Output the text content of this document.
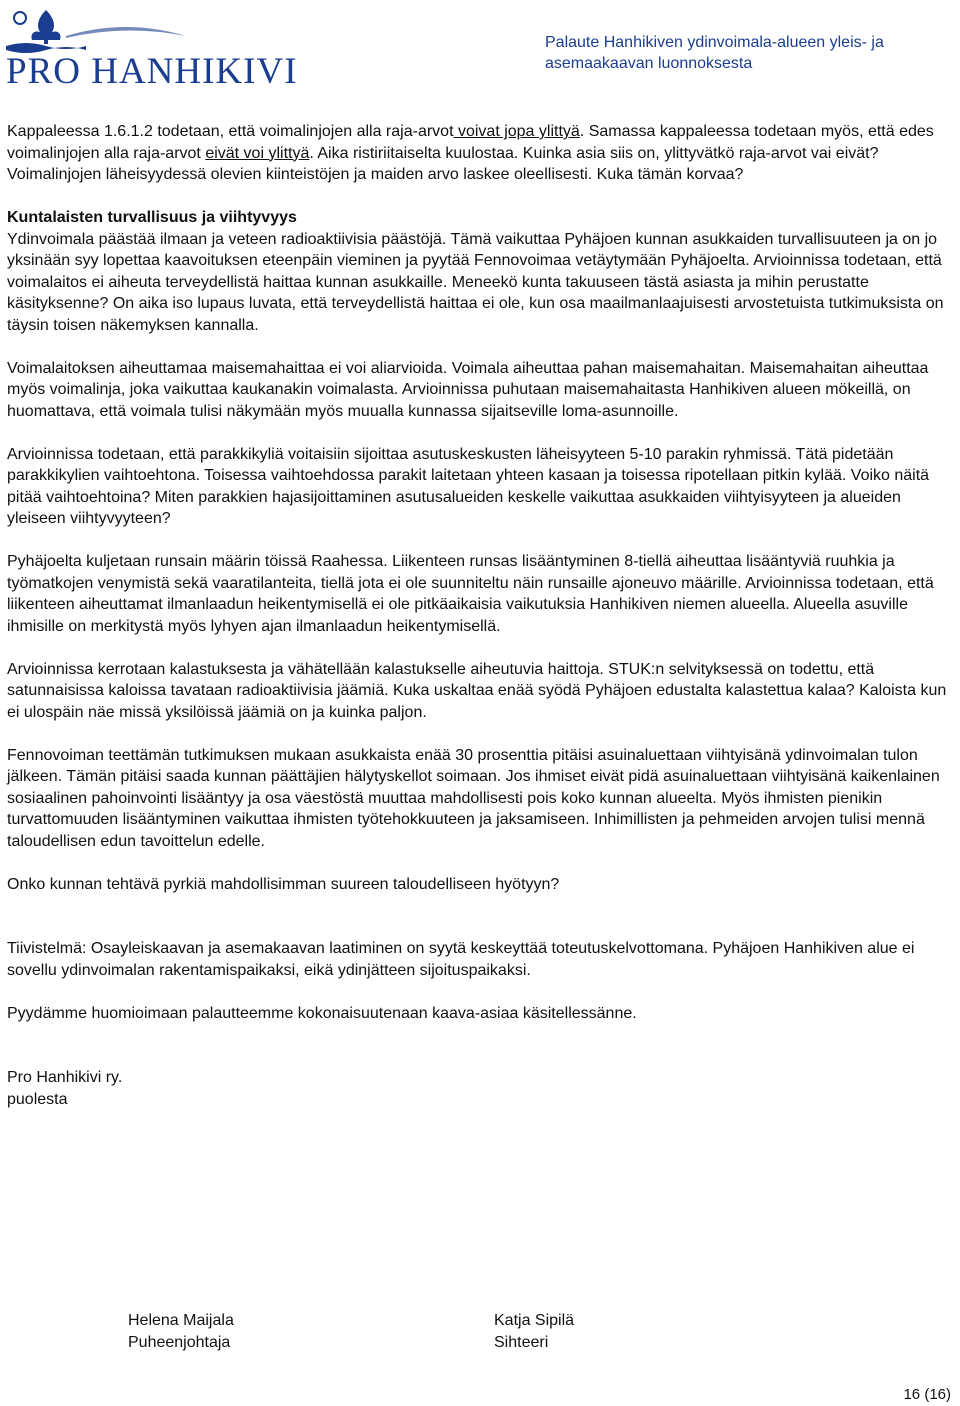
PRO HANHIKIVI
Palaute Hanhikiven ydinvoimala-alueen yleis- ja asemaakaavan luonnoksesta

Kappaleessa 1.6.1.2 todetaan, että voimalinjojen alla raja-arvot voivat jopa ylittyä. Samassa kappaleessa todetaan myös, että edes voimalinjojen alla raja-arvot eivät voi ylittyä. Aika ristiriitaiselta kuulostaa. Kuinka asia siis on, ylittyvätkö raja-arvot vai eivät? Voimalinjojen läheisyydessä olevien kiinteistöjen ja maiden arvo laskee oleellisesti. Kuka tämän korvaa?

Kuntalaisten turvallisuus ja viihtyvyys

Ydinvoimala päästää ilmaan ja veteen radioaktiivisia päästöjä. Tämä vaikuttaa Pyhäjoen kunnan asukkaiden turvallisuuteen ja on jo yksinään syy lopettaa kaavoituksen eteenpäin vieminen ja pyytää Fennovoimaa vetäytymään Pyhäjoelta. Arvioinnissa todetaan, että voimalaitos ei aiheuta terveydellistä haittaa kunnan asukkaille. Meneekö kunta takuuseen tästä asiasta ja mihin perustatte käsityksenne? On aika iso lupaus luvata, että terveydellistä haittaa ei ole, kun osa maailmanlaajuisesti arvostetuista tutkimuksista on täysin toisen näkemyksen kannalla.

Voimalaitoksen aiheuttamaa maisemahaittaa ei voi aliarvioida. Voimala aiheuttaa pahan maisemahaitan. Maisemahaitan aiheuttaa myös voimalinja, joka vaikuttaa kaukanakin voimalasta. Arvioinnissa puhutaan maisemahaitasta Hanhikiven alueen mökeillä, on huomattava, että voimala tulisi näkymään myös muualla kunnassa sijaitseville loma-asunnoille.

Arvioinnissa todetaan, että parakkikyliä voitaisiin sijoittaa asutuskeskusten läheisyyteen 5-10 parakin ryhmissä. Tätä pidetään parakkikylien vaihtoehtona. Toisessa vaihtoehdossa parakit laitetaan yhteen kasaan ja toisessa ripotellaan pitkin kylää. Voiko näitä pitää vaihtoehtoina? Miten parakkien hajasijoittaminen asutusalueiden keskelle vaikuttaa asukkaiden viihtyisyyteen ja alueiden yleiseen viihtyvyyteen?

Pyhäjoelta kuljetaan runsain määrin töissä Raahessa. Liikenteen runsas lisääntyminen 8-tiellä aiheuttaa lisääntyviä ruuhkia ja työmatkojen venymistä sekä vaaratilanteita, tiellä jota ei ole suunniteltu näin runsaille ajoneuvo määrille. Arvioinnissa todetaan, että liikenteen aiheuttamat ilmanlaadun heikentymisellä ei ole pitkäaikaisia vaikutuksia Hanhikiven niemen alueella. Alueella asuville ihmisille on merkitystä myös lyhyen ajan ilmanlaadun heikentymisellä.

Arvioinnissa kerrotaan kalastuksesta ja vähätellään kalastukselle aiheutuvia haittoja. STUK:n selvityksessä on todettu, että satunnaisissa kaloissa tavataan radioaktiivisia jäämiä. Kuka uskaltaa enää syödä Pyhäjoen edustalta kalastettua kalaa? Kaloista kun ei ulospäin näe missä yksilöissä jäämiä on ja kuinka paljon.

Fennovoiman teettämän tutkimuksen mukaan asukkaista enää 30 prosenttia pitäisi asuinaluettaan viihtyisänä ydinvoimalan tulon jälkeen. Tämän pitäisi saada kunnan päättäjien hälytyskellot soimaan. Jos ihmiset eivät pidä asuinaluettaan viihtyisänä kaikenlainen sosiaalinen pahoinvointi lisääntyy ja osa väestöstä muuttaa mahdollisesti pois koko kunnan alueelta. Myös ihmisten pienikin turvattomuuden lisääntyminen vaikuttaa ihmisten työtehokkuuteen ja jaksamiseen. Inhimillisten ja pehmeiden arvojen tulisi mennä taloudellisen edun tavoittelun edelle.

Onko kunnan tehtävä pyrkiä mahdollisimman suureen taloudelliseen hyötyyn?

Tiivistelmä: Osayleiskaavan ja asemakaavan laatiminen on syytä keskeyttää toteutuskelvottomana. Pyhäjoen Hanhikiven alue ei sovellu ydinvoimalan rakentamispaikaksi, eikä ydinjätteen sijoituspaikaksi.

Pyydämme huomioimaan palautteemme kokonaisuutenaan kaava-asiaa käsitellessänne.

Pro Hanhikivi ry.
puolesta
Helena Maijala
Puheenjohtaja
Katja Sipilä
Sihteeri
16 (16)
